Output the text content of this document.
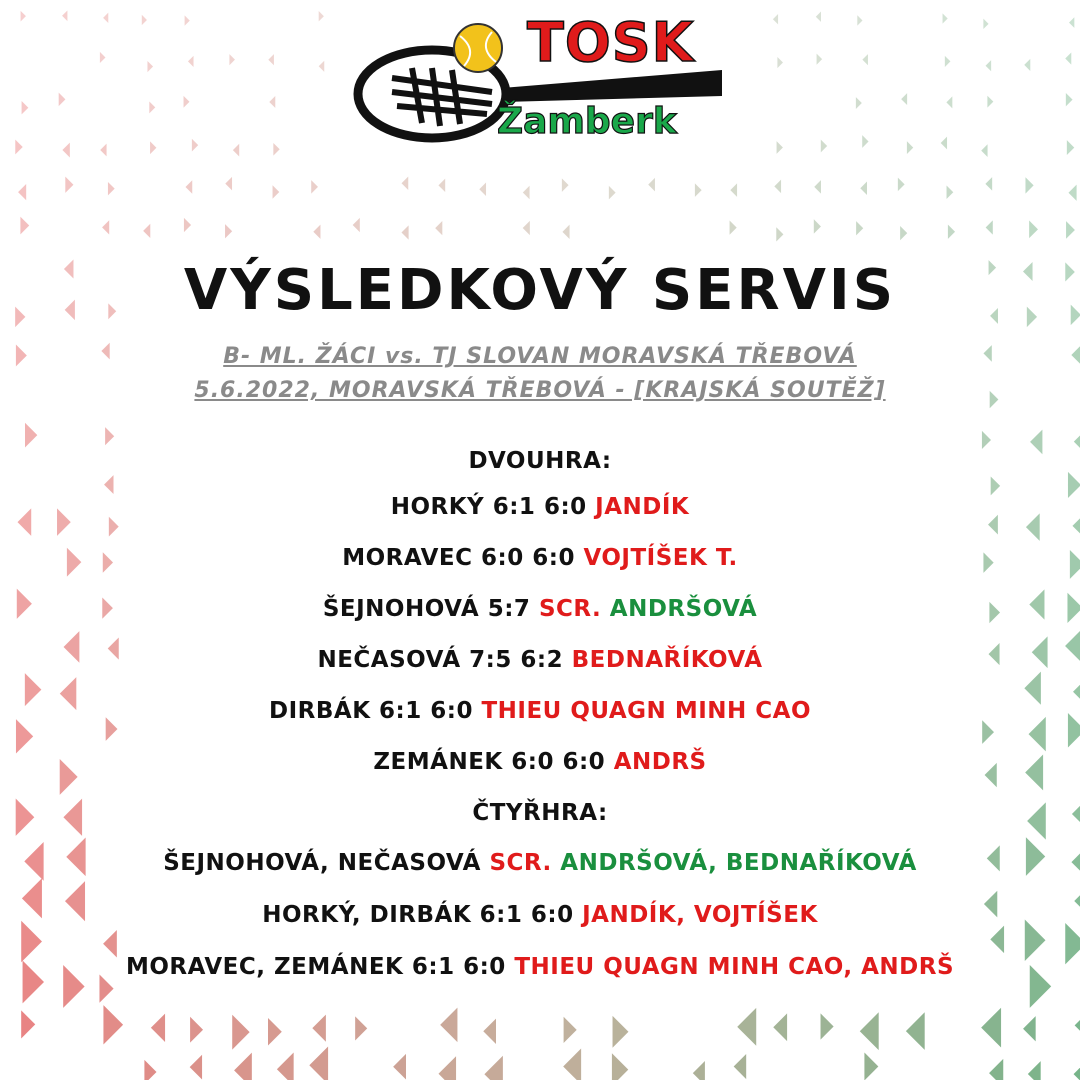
TOSK
Žamberk
VÝSLEDKOVÝ SERVIS
B- ML. ŽÁCI vs. TJ SLOVAN MORAVSKÁ TŘEBOVÁ
5.6.2022, MORAVSKÁ TŘEBOVÁ - [KRAJSKÁ SOUTĚŽ]
DVOUHRA:
HORKÝ 6:1 6:0 JANDÍK
MORAVEC 6:0 6:0 VOJTÍŠEK T.
ŠEJNOHOVÁ 5:7 SCR. ANDRŠOVÁ
NEČASOVÁ 7:5 6:2 BEDNAŘÍKOVÁ
DIRBÁK 6:1 6:0 THIEU QUAGN MINH CAO
ZEMÁNEK 6:0 6:0 ANDRŠ
ČTYŘHRA:
ŠEJNOHOVÁ, NEČASOVÁ SCR. ANDRŠOVÁ, BEDNAŘÍKOVÁ
HORKÝ, DIRBÁK 6:1 6:0 JANDÍK, VOJTÍŠEK
MORAVEC, ZEMÁNEK 6:1 6:0 THIEU QUAGN MINH CAO, ANDRŠ
